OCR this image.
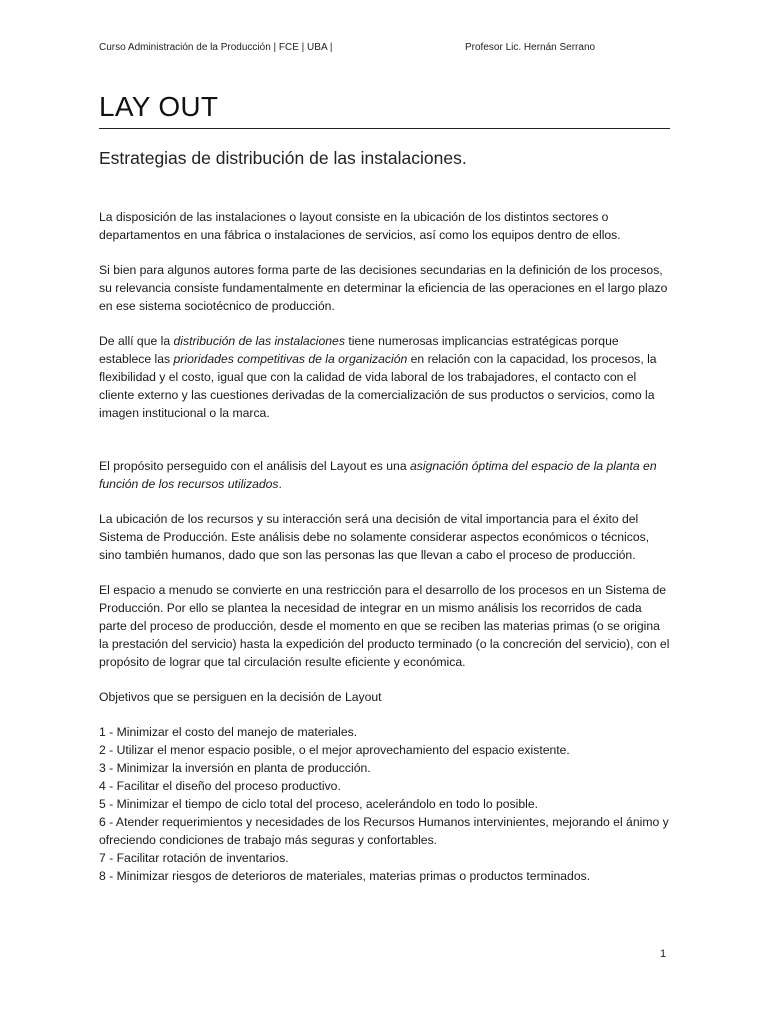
Curso Administración de la Producción | FCE | UBA |	Profesor Lic. Hernán Serrano
LAY OUT
Estrategias de distribución de las instalaciones.

La disposición de las instalaciones o layout consiste en la ubicación de los distintos sectores o departamentos en una fábrica o instalaciones de servicios, así como los equipos dentro de ellos.

Si bien para algunos autores forma parte de las decisiones secundarias en la definición de los procesos, su relevancia consiste fundamentalmente en determinar la eficiencia de las operaciones en el largo plazo en ese sistema sociotécnico de producción.

De allí que la distribución de las instalaciones tiene numerosas implicancias estratégicas porque establece las prioridades competitivas de la organización en relación con la capacidad, los procesos, la flexibilidad y el costo, igual que con la calidad de vida laboral de los trabajadores, el contacto con el cliente externo y las cuestiones derivadas de la comercialización de sus productos o servicios, como la imagen institucional o la marca.

El propósito perseguido con el análisis del Layout es una asignación óptima del espacio de la planta en función de los recursos utilizados.

La ubicación de los recursos y su interacción será una decisión de vital importancia para el éxito del Sistema de Producción. Este análisis debe no solamente considerar aspectos económicos o técnicos, sino también humanos, dado que son las personas las que llevan a cabo el proceso de producción.

El espacio a menudo se convierte en una restricción para el desarrollo de los procesos en un Sistema de Producción. Por ello se plantea la necesidad de integrar en un mismo análisis los recorridos de cada parte del proceso de producción, desde el momento en que se reciben las materias primas (o se origina la prestación del servicio) hasta la expedición del producto terminado (o la concreción del servicio), con el propósito de lograr que tal circulación resulte eficiente y económica.

Objetivos que se persiguen en la decisión de Layout

1 - Minimizar el costo del manejo de materiales.

2 - Utilizar el menor espacio posible, o el mejor aprovechamiento del espacio existente.

3 - Minimizar la inversión en planta de producción.

4 - Facilitar el diseño del proceso productivo.

5 - Minimizar el tiempo de ciclo total del proceso, acelerándolo en todo lo posible.

6 - Atender requerimientos y necesidades de los Recursos Humanos intervinientes, mejorando el ánimo y ofreciendo condiciones de trabajo más seguras y confortables.

7 - Facilitar rotación de inventarios.

8 - Minimizar riesgos de deterioros de materiales, materias primas o productos terminados.

1
